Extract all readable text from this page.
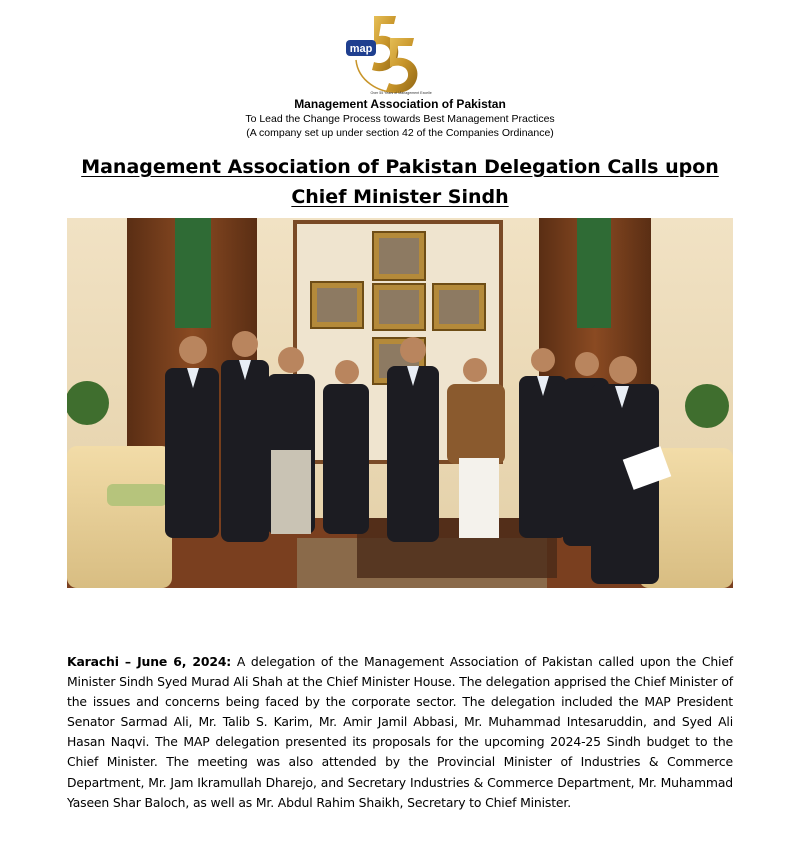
map
Over 55 Years of Management Excellence
Management Association of Pakistan
To Lead the Change Process towards Best Management Practices
(A company set up under section 42 of the Companies Ordinance)
Management Association of Pakistan Delegation Calls upon
Chief Minister Sindh
Karachi – June 6, 2024: A delegation of the Management Association of Pakistan called upon the Chief Minister Sindh Syed Murad Ali Shah at the Chief Minister House. The delegation apprised the Chief Minister of the issues and concerns being faced by the corporate sector. The delegation included the MAP President Senator Sarmad Ali, Mr. Talib S. Karim, Mr. Amir Jamil Abbasi, Mr. Muhammad Intesaruddin, and Syed Ali Hasan Naqvi. The MAP delegation presented its proposals for the upcoming 2024-25 Sindh budget to the Chief Minister. The meeting was also attended by the Provincial Minister of Industries & Commerce Department, Mr. Jam Ikramullah Dharejo, and Secretary Industries & Commerce Department, Mr. Muhammad Yaseen Shar Baloch, as well as Mr. Abdul Rahim Shaikh, Secretary to Chief Minister.
